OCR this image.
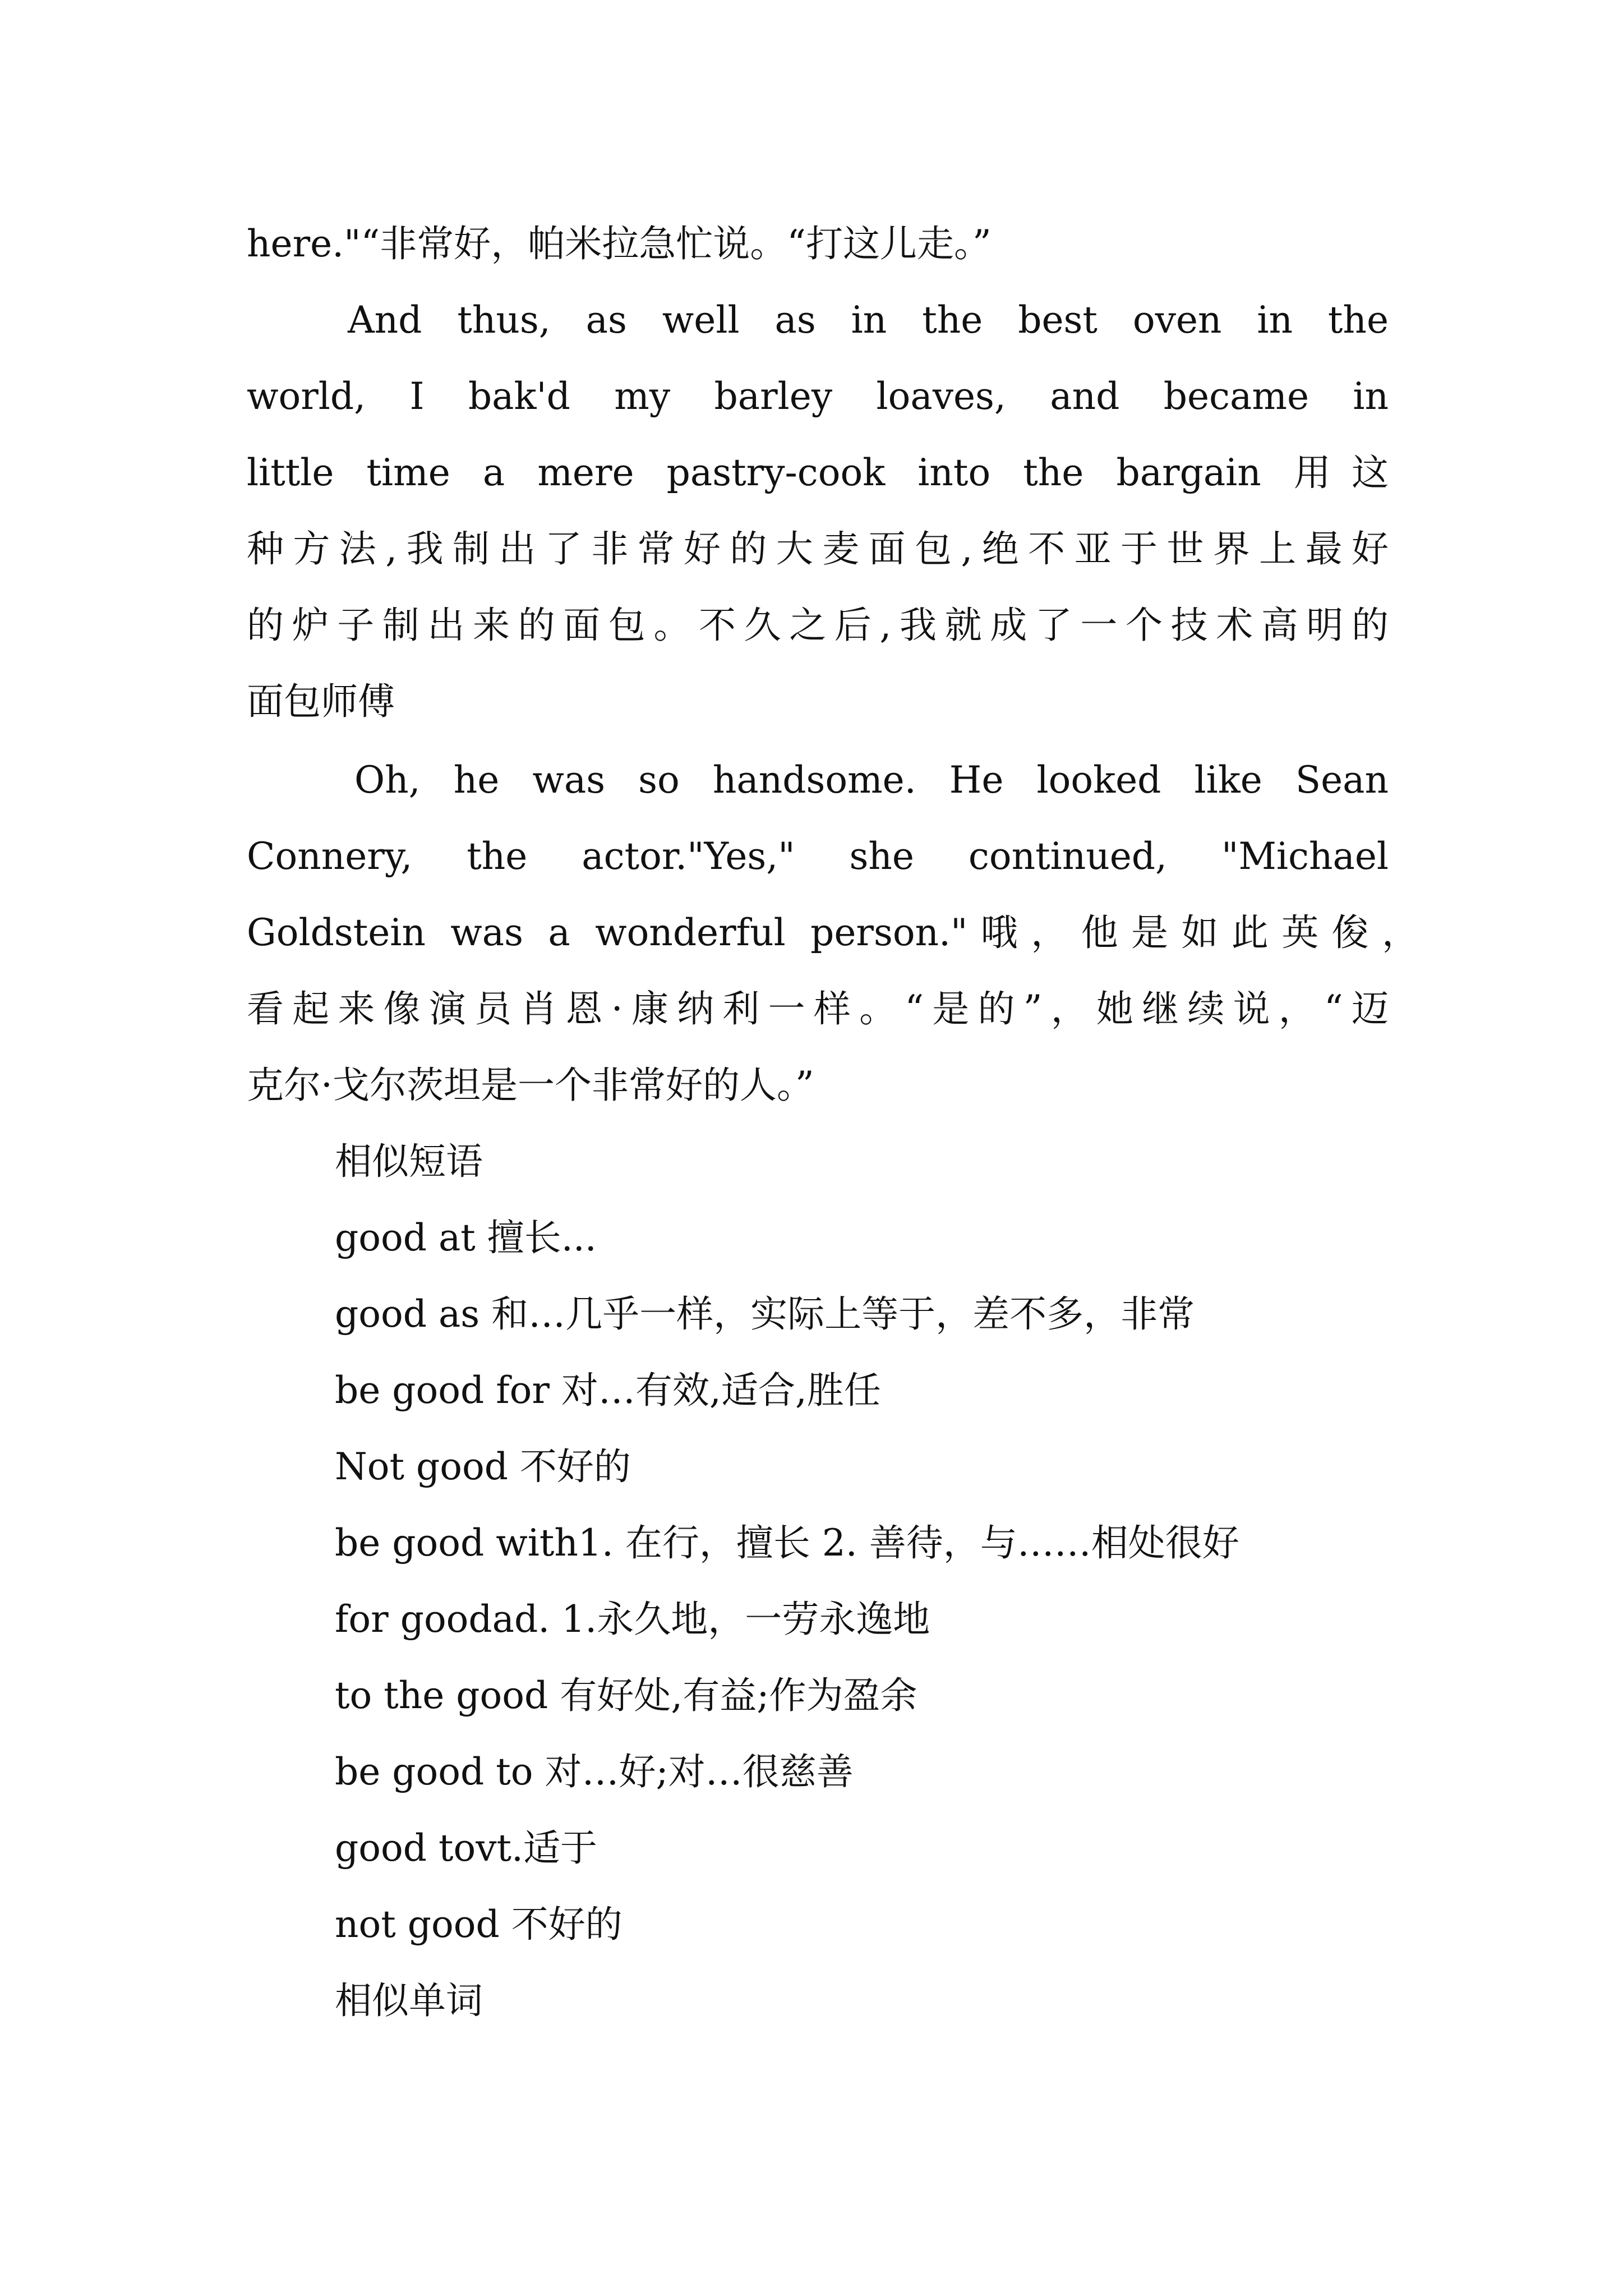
here."“非常好，帕米拉急忙说。“打这儿走。”
And thus, as well as in the best oven in the
world, I bak'd my barley loaves, and became in
little time a mere pastry-cook into the bargain 用这
种方法,我制出了非常好的大麦面包,绝不亚于世界上最好
的炉子制出来的面包。不久之后,我就成了一个技术高明的
面包师傅
Oh, he was so handsome. He looked like Sean
Connery, the actor."Yes," she continued, "Michael
Goldstein was a wonderful person."哦，他是如此英俊，
看起来像演员肖恩·康纳利一样。“是的”，她继续说，“迈
克尔·戈尔茨坦是一个非常好的人。”
相似短语
good at 擅长...
good as 和…几乎一样，实际上等于，差不多，非常
be good for 对…有效,适合,胜任
Not good 不好的
be good with1. 在行，擅长 2. 善待，与……相处很好
for goodad. 1.永久地，一劳永逸地
to the good 有好处,有益;作为盈余
be good to 对…好;对…很慈善
good tovt.适于
not good 不好的
相似单词
